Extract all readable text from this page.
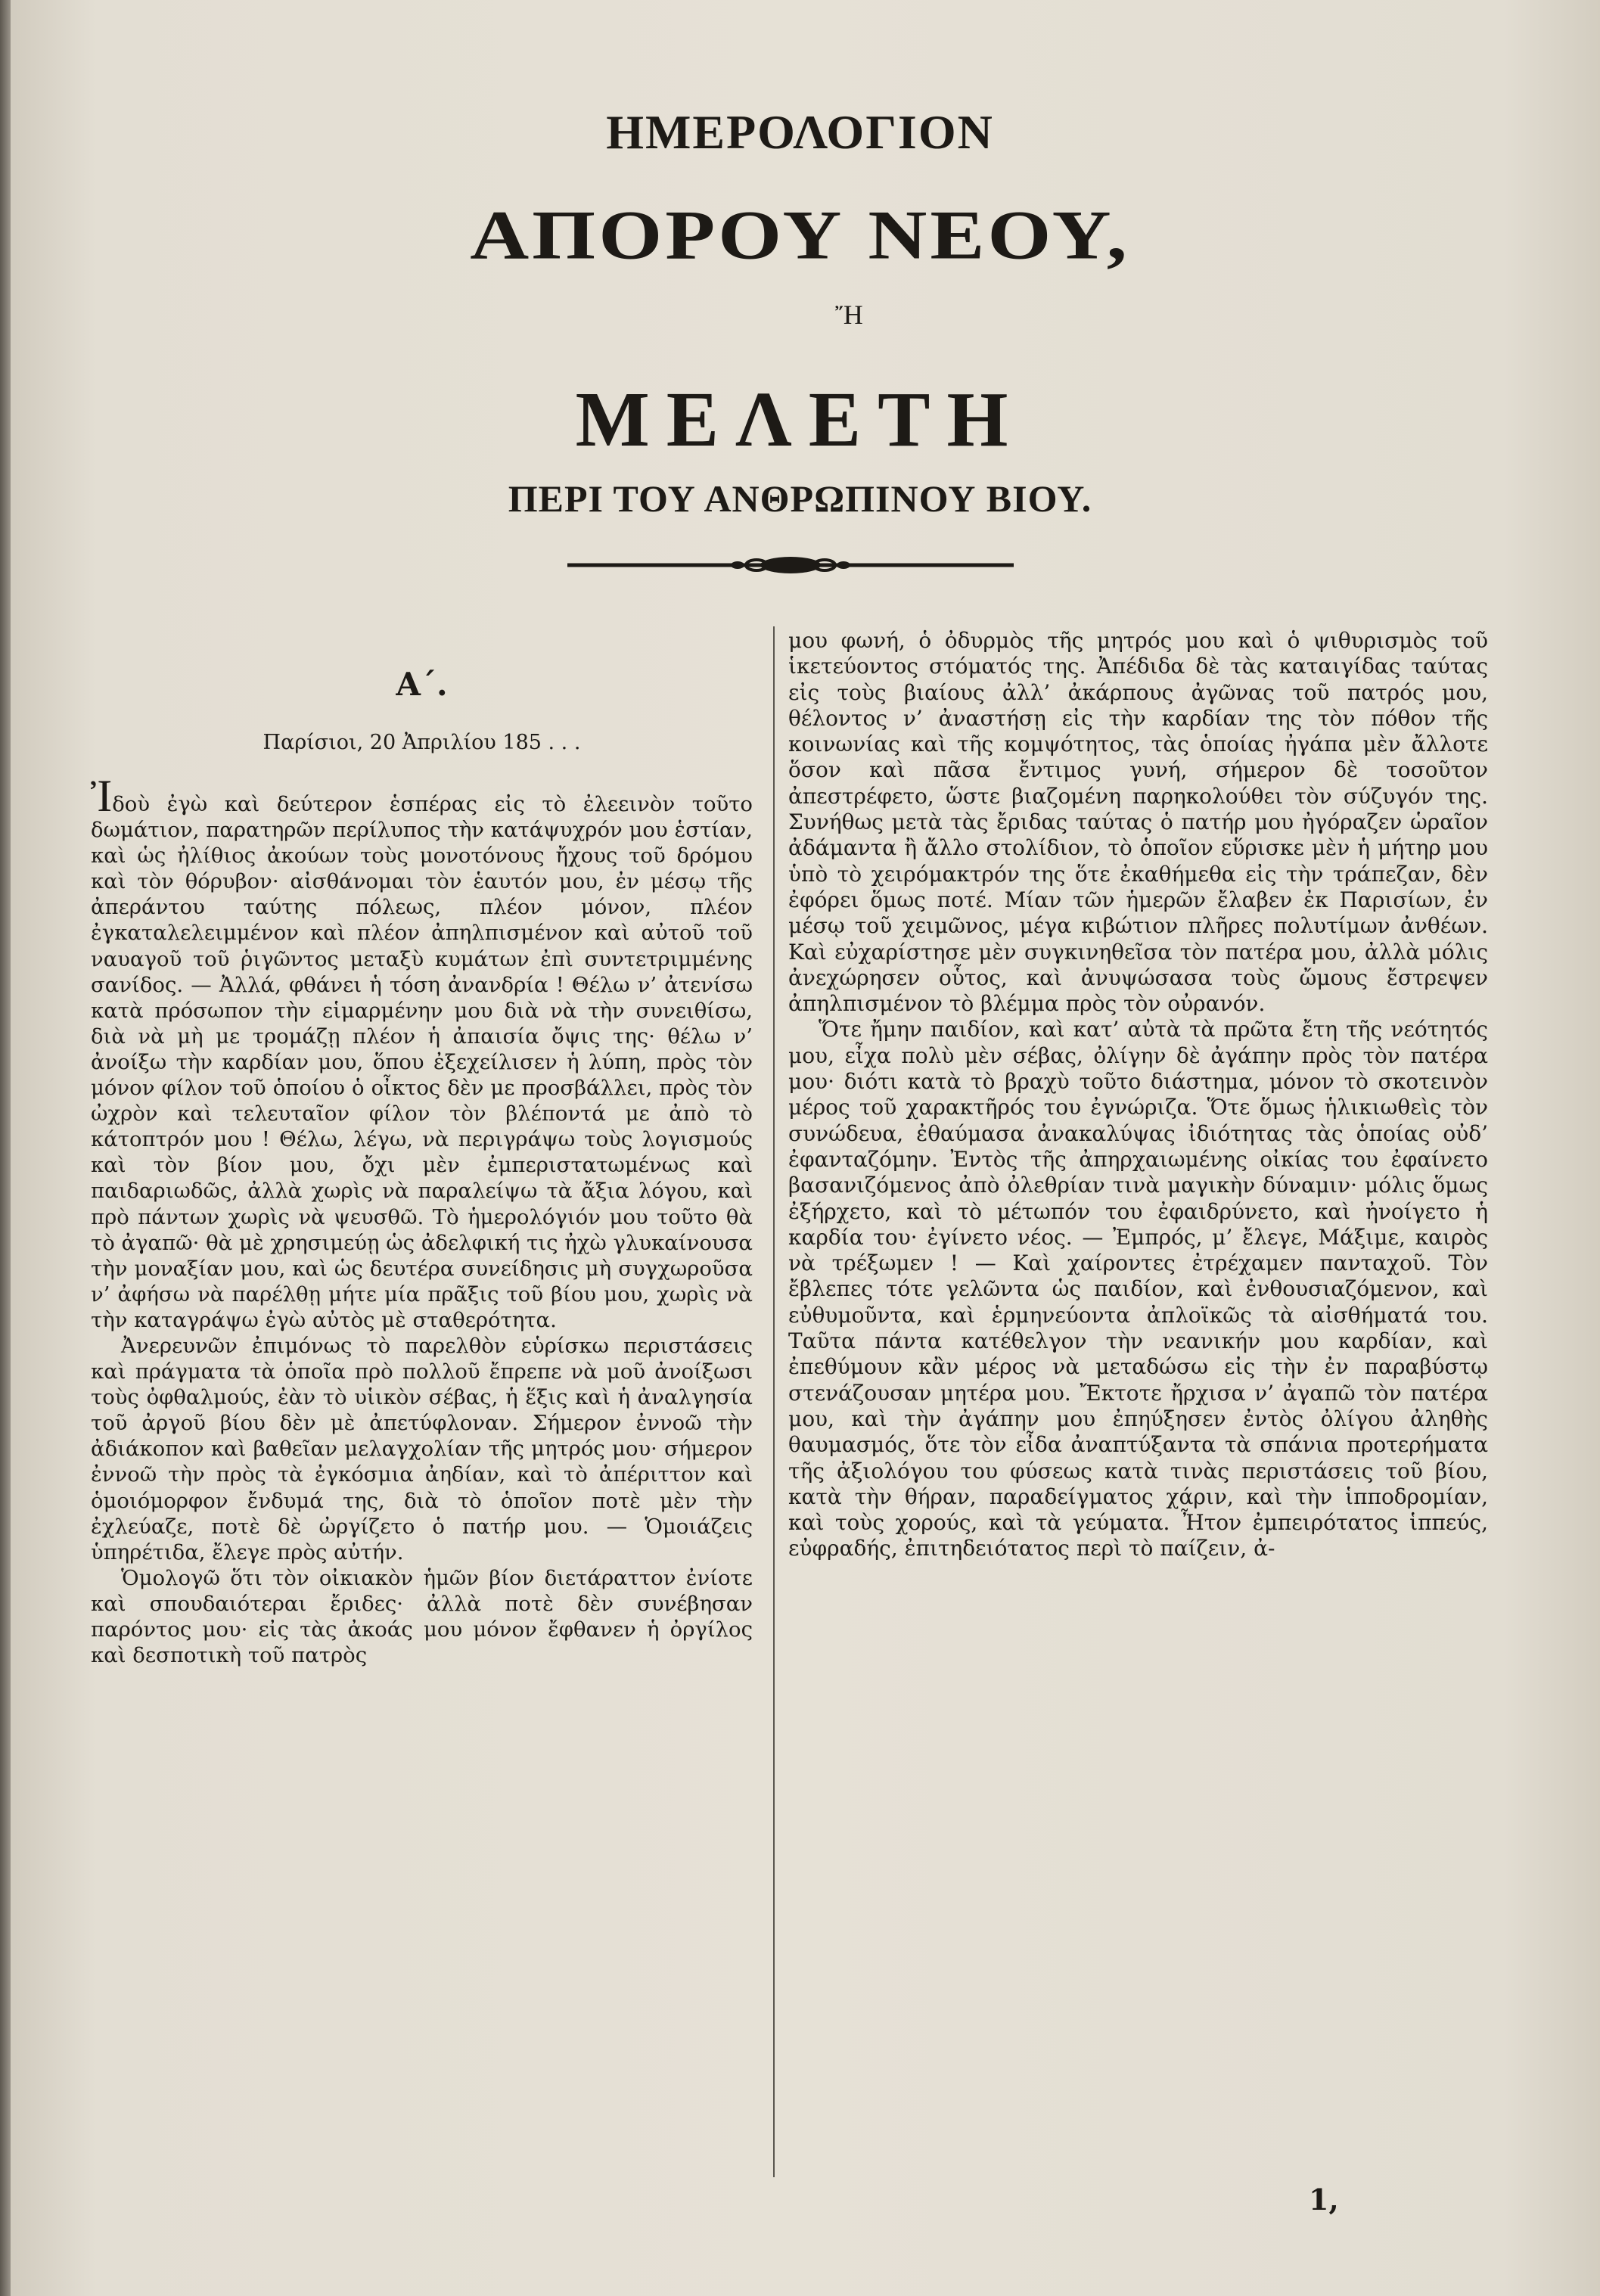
ΗΜΕΡΟΛΟΓΙΟΝ
ΑΠΟΡΟΥ ΝΕΟΥ,
Ἤ
ΜΕΛΕΤΗ
ΠΕΡΙ ΤΟΥ ΑΝΘΡΩΠΙΝΟΥ ΒΙΟΥ.
Α΄.
Παρίσιοι, 20 Ἀπριλίου 185 . . .

Ἰδοὺ ἐγὼ καὶ δεύτερον ἑσπέρας εἰς τὸ ἐλεεινὸν τοῦτο δωμάτιον, παρατηρῶν περίλυπος τὴν κατάψυχρόν μου ἑστίαν, καὶ ὡς ἠλίθιος ἀκούων τοὺς μονοτόνους ἤχους τοῦ δρόμου καὶ τὸν θόρυβον· αἰσθάνομαι τὸν ἑαυτόν μου, ἐν μέσῳ τῆς ἀπεράντου ταύτης πόλεως, πλέον μόνον, πλέον ἐγκαταλελειμμένον καὶ πλέον ἀπηλπισμένον καὶ αὐτοῦ τοῦ ναυαγοῦ τοῦ ῥιγῶντος μεταξὺ κυμάτων ἐπὶ συντετριμμένης σανίδος. — Ἀλλά, φθάνει ἡ τόση ἀνανδρία ! Θέλω ν’ ἀτενίσω κατὰ πρόσωπον τὴν εἱμαρμένην μου διὰ νὰ τὴν συνειθίσω, διὰ νὰ μὴ με τρομάζῃ πλέον ἡ ἀπαισία ὄψις της· θέλω ν’ ἀνοίξω τὴν καρδίαν μου, ὅπου ἐξεχείλισεν ἡ λύπη, πρὸς τὸν μόνον φίλον τοῦ ὁποίου ὁ οἶκτος δὲν με προσβάλλει, πρὸς τὸν ὠχρὸν καὶ τελευταῖον φίλον τὸν βλέποντά με ἀπὸ τὸ κάτοπτρόν μου ! Θέλω, λέγω, νὰ περιγράψω τοὺς λογισμούς καὶ τὸν βίον μου, ὄχι μὲν ἐμπεριστατωμένως καὶ παιδαριωδῶς, ἀλλὰ χωρὶς νὰ παραλείψω τὰ ἄξια λόγου, καὶ πρὸ πάντων χωρὶς νὰ ψευσθῶ. Τὸ ἡμερολόγιόν μου τοῦτο θὰ τὸ ἀγαπῶ· θὰ μὲ χρησιμεύῃ ὡς ἀδελφική τις ἠχὼ γλυκαίνουσα τὴν μοναξίαν μου, καὶ ὡς δευτέρα συνείδησις μὴ συγχωροῦσα ν’ ἀφήσω νὰ παρέλθῃ μήτε μία πρᾶξις τοῦ βίου μου, χωρὶς νὰ τὴν καταγράψω ἐγὼ αὐτὸς μὲ σταθερότητα.

Ἀνερευνῶν ἐπιμόνως τὸ παρελθὸν εὑρίσκω περιστάσεις καὶ πράγματα τὰ ὁποῖα πρὸ πολλοῦ ἔπρεπε νὰ μοῦ ἀνοίξωσι τοὺς ὀφθαλμούς, ἐὰν τὸ υἱικὸν σέβας, ἡ ἕξις καὶ ἡ ἀναλγησία τοῦ ἀργοῦ βίου δὲν μὲ ἀπετύφλοναν. Σήμερον ἐννοῶ τὴν ἀδιάκοπον καὶ βαθεῖαν μελαγχολίαν τῆς μητρός μου· σήμερον ἐννοῶ τὴν πρὸς τὰ ἐγκόσμια ἀηδίαν, καὶ τὸ ἀπέριττον καὶ ὁμοιόμορφον ἔνδυμά της, διὰ τὸ ὁποῖον ποτὲ μὲν τὴν ἐχλεύαζε, ποτὲ δὲ ὠργίζετο ὁ πατήρ μου. — Ὁμοιάζεις ὑπηρέτιδα, ἔλεγε πρὸς αὐτήν.

Ὁμολογῶ ὅτι τὸν οἰκιακὸν ἡμῶν βίον διετάραττον ἐνίοτε καὶ σπουδαιότεραι ἔριδες· ἀλλὰ ποτὲ δὲν συνέβησαν παρόντος μου· εἰς τὰς ἀκοάς μου μόνον ἔφθανεν ἡ ὀργίλος καὶ δεσποτικὴ τοῦ πατρὸς

μου φωνή, ὁ ὀδυρμὸς τῆς μητρός μου καὶ ὁ ψιθυρισμὸς τοῦ ἱκετεύοντος στόματός της. Ἀπέδιδα δὲ τὰς καταιγίδας ταύτας εἰς τοὺς βιαίους ἀλλ’ ἀκάρπους ἀγῶνας τοῦ πατρός μου, θέλοντος ν’ ἀναστήσῃ εἰς τὴν καρδίαν της τὸν πόθον τῆς κοινωνίας καὶ τῆς κομψότητος, τὰς ὁποίας ἠγάπα μὲν ἄλλοτε ὅσον καὶ πᾶσα ἔντιμος γυνή, σήμερον δὲ τοσοῦτον ἀπεστρέφετο, ὥστε βιαζομένη παρηκολούθει τὸν σύζυγόν της. Συνήθως μετὰ τὰς ἔριδας ταύτας ὁ πατήρ μου ἠγόραζεν ὡραῖον ἀδάμαντα ἢ ἄλλο στολίδιον, τὸ ὁποῖον εὕρισκε μὲν ἡ μήτηρ μου ὑπὸ τὸ χειρόμακτρόν της ὅτε ἐκαθήμεθα εἰς τὴν τράπεζαν, δὲν ἐφόρει ὅμως ποτέ. Μίαν τῶν ἡμερῶν ἔλαβεν ἐκ Παρισίων, ἐν μέσῳ τοῦ χειμῶνος, μέγα κιβώτιον πλῆρες πολυτίμων ἀνθέων. Καὶ εὐχαρίστησε μὲν συγκινηθεῖσα τὸν πατέρα μου, ἀλλὰ μόλις ἀνεχώρησεν οὗτος, καὶ ἀνυψώσασα τοὺς ὤμους ἔστρεψεν ἀπηλπισμένον τὸ βλέμμα πρὸς τὸν οὐρανόν.

Ὅτε ἤμην παιδίον, καὶ κατ’ αὐτὰ τὰ πρῶτα ἔτη τῆς νεότητός μου, εἶχα πολὺ μὲν σέβας, ὀλίγην δὲ ἀγάπην πρὸς τὸν πατέρα μου· διότι κατὰ τὸ βραχὺ τοῦτο διάστημα, μόνον τὸ σκοτεινὸν μέρος τοῦ χαρακτῆρός του ἐγνώριζα. Ὅτε ὅμως ἡλικιωθεὶς τὸν συνώδευα, ἐθαύμασα ἀνακαλύψας ἰδιότητας τὰς ὁποίας οὐδ’ ἐφανταζόμην. Ἐντὸς τῆς ἀπηρχαιωμένης οἰκίας του ἐφαίνετο βασανιζόμενος ἀπὸ ὀλεθρίαν τινὰ μαγικὴν δύναμιν· μόλις ὅμως ἐξήρχετο, καὶ τὸ μέτωπόν του ἐφαιδρύνετο, καὶ ἠνοίγετο ἡ καρδία του· ἐγίνετο νέος. — Ἐμπρός, μ’ ἔλεγε, Μάξιμε, καιρὸς νὰ τρέξωμεν ! — Καὶ χαίροντες ἐτρέχαμεν πανταχοῦ. Τὸν ἔβλεπες τότε γελῶντα ὡς παιδίον, καὶ ἐνθουσιαζόμενον, καὶ εὐθυμοῦντα, καὶ ἑρμηνεύοντα ἀπλοϊκῶς τὰ αἰσθήματά του. Ταῦτα πάντα κατέθελγον τὴν νεανικήν μου καρδίαν, καὶ ἐπεθύμουν κἂν μέρος νὰ μεταδώσω εἰς τὴν ἐν παραβύστῳ στενάζουσαν μητέρα μου. Ἔκτοτε ἤρχισα ν’ ἀγαπῶ τὸν πατέρα μου, καὶ τὴν ἀγάπην μου ἐπηύξησεν ἐντὸς ὀλίγου ἀληθὴς θαυμασμός, ὅτε τὸν εἶδα ἀναπτύξαντα τὰ σπάνια προτερήματα τῆς ἀξιολόγου του φύσεως κατὰ τινὰς περιστάσεις τοῦ βίου, κατὰ τὴν θήραν, παραδείγματος χάριν, καὶ τὴν ἱπποδρομίαν, καὶ τοὺς χορούς, καὶ τὰ γεύματα. Ἦτον ἐμπειρότατος ἱππεύς, εὐφραδής, ἐπιτηδειότατος περὶ τὸ παίζειν, ἀ-

1,
